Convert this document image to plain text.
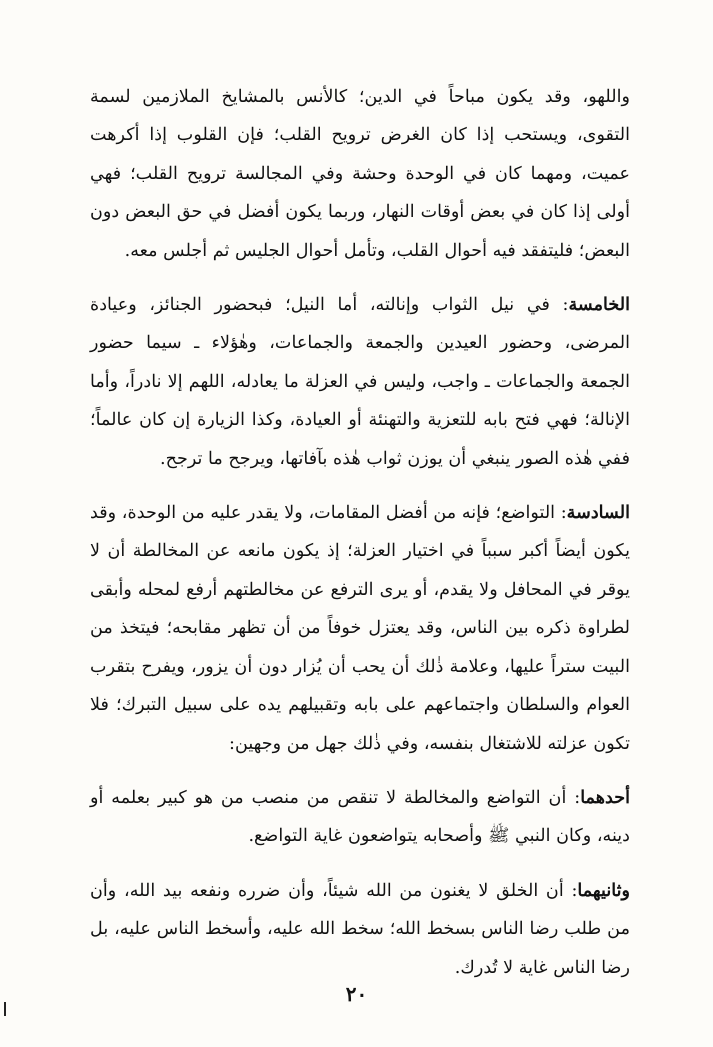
واللهو، وقد يكون مباحاً في الدين؛ كالأنس بالمشايخ الملازمين لسمة التقوى، ويستحب إذا كان الغرض ترويح القلب؛ فإن القلوب إذا أكرهت عميت، ومهما كان في الوحدة وحشة وفي المجالسة ترويح القلب؛ فهي أولى إذا كان في بعض أوقات النهار، وربما يكون أفضل في حق البعض دون البعض؛ فليتفقد فيه أحوال القلب، وتأمل أحوال الجليس ثم أجلس معه.

الخامسة: في نيل الثواب وإنالته، أما النيل؛ فبحضور الجنائز، وعيادة المرضى، وحضور العيدين والجمعة والجماعات، وهٰؤلاء ـ سيما حضور الجمعة والجماعات ـ واجب، وليس في العزلة ما يعادله، اللهم إلا نادراً، وأما الإنالة؛ فهي فتح بابه للتعزية والتهنئة أو العيادة، وكذا الزيارة إن كان عالماً؛ ففي هٰذه الصور ينبغي أن يوزن ثواب هٰذه بآفاتها، ويرجح ما ترجح.

السادسة: التواضع؛ فإنه من أفضل المقامات، ولا يقدر عليه من الوحدة، وقد يكون أيضاً أكبر سبباً في اختيار العزلة؛ إذ يكون مانعه عن المخالطة أن لا يوقر في المحافل ولا يقدم، أو يرى الترفع عن مخالطتهم أرفع لمحله وأبقى لطراوة ذكره بين الناس، وقد يعتزل خوفاً من أن تظهر مقابحه؛ فيتخذ من البيت ستراً عليها، وعلامة ذٰلك أن يحب أن يُزار دون أن يزور، ويفرح بتقرب العوام والسلطان واجتماعهم على بابه وتقبيلهم يده على سبيل التبرك؛ فلا تكون عزلته للاشتغال بنفسه، وفي ذٰلك جهل من وجهين:

أحدهما: أن التواضع والمخالطة لا تنقص من منصب من هو كبير بعلمه أو دينه، وكان النبي ﷺ وأصحابه يتواضعون غاية التواضع.

وثانيهما: أن الخلق لا يغنون من الله شيئاً، وأن ضرره ونفعه بيد الله، وأن من طلب رضا الناس بسخط الله؛ سخط الله عليه، وأسخط الناس عليه، بل رضا الناس غاية لا تُدرك.

٢٠
